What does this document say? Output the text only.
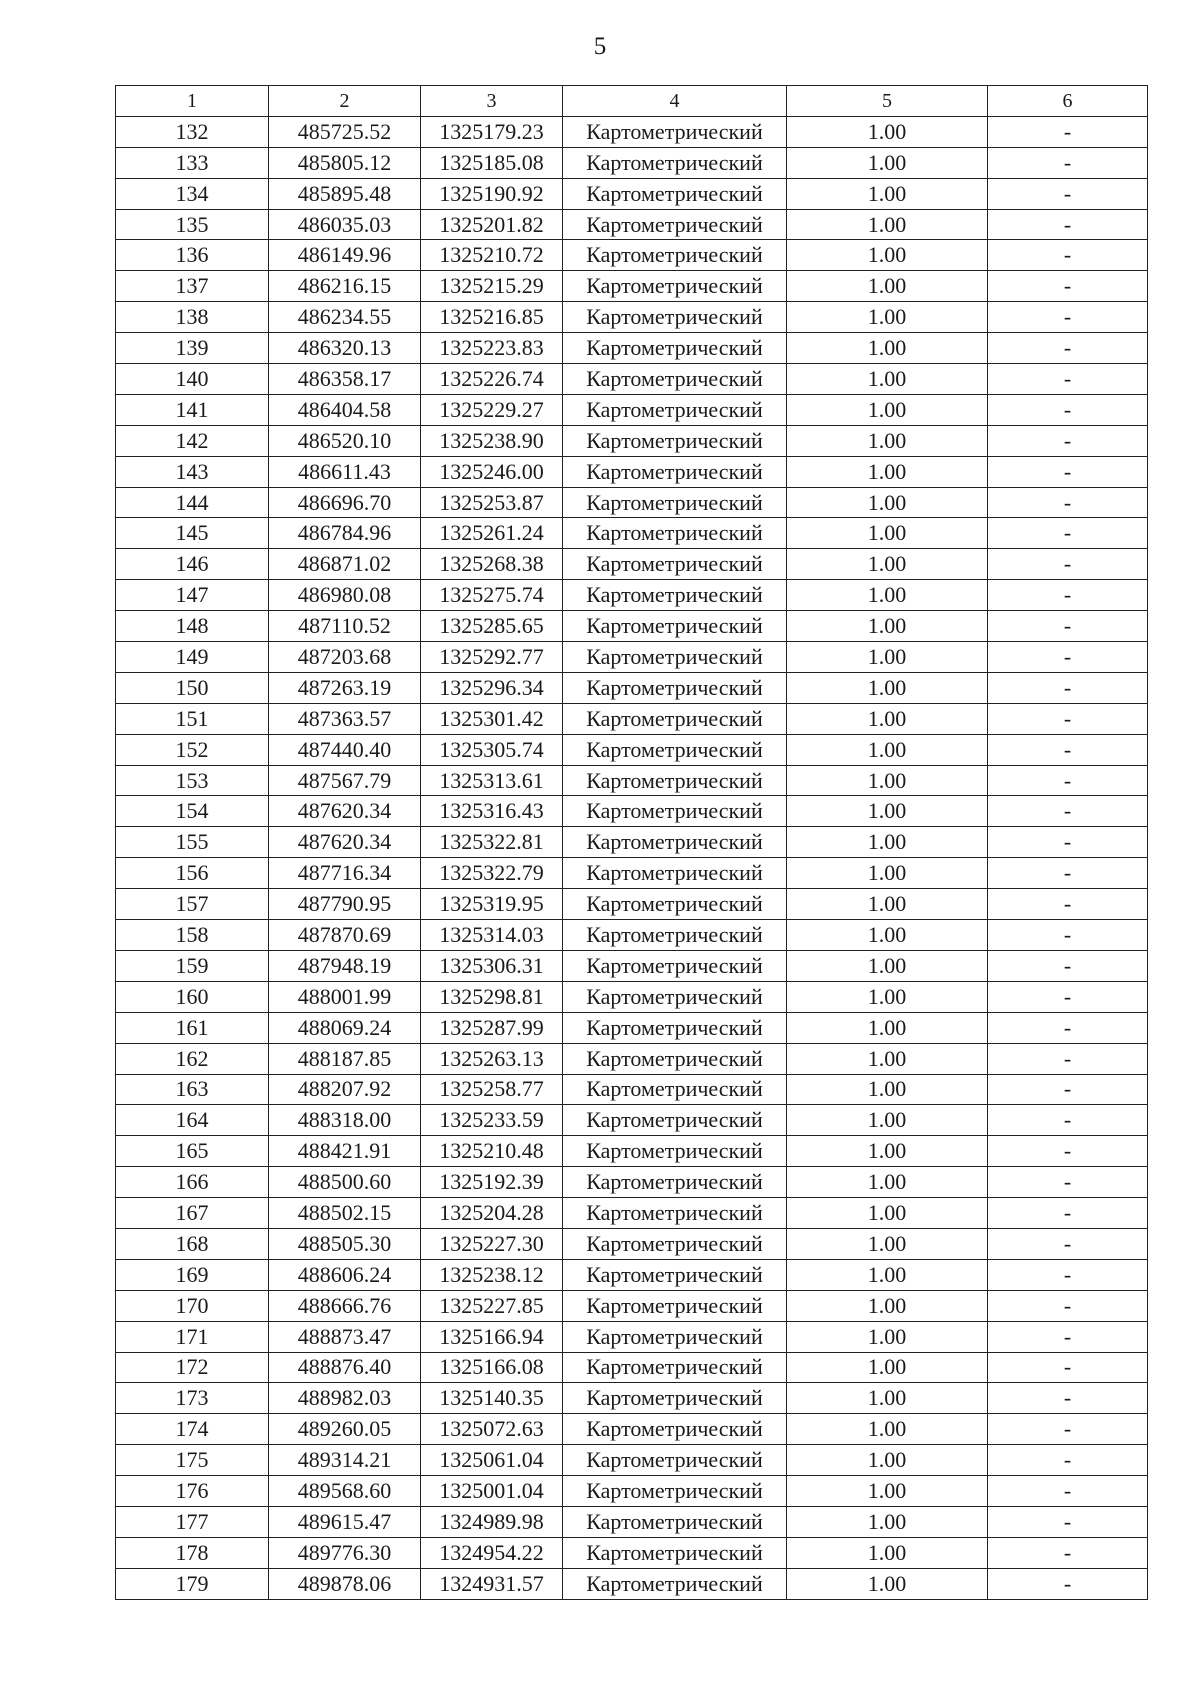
5
1	2	3	4	5	6
132	485725.52	1325179.23	Картометрический	1.00	-
133	485805.12	1325185.08	Картометрический	1.00	-
134	485895.48	1325190.92	Картометрический	1.00	-
135	486035.03	1325201.82	Картометрический	1.00	-
136	486149.96	1325210.72	Картометрический	1.00	-
137	486216.15	1325215.29	Картометрический	1.00	-
138	486234.55	1325216.85	Картометрический	1.00	-
139	486320.13	1325223.83	Картометрический	1.00	-
140	486358.17	1325226.74	Картометрический	1.00	-
141	486404.58	1325229.27	Картометрический	1.00	-
142	486520.10	1325238.90	Картометрический	1.00	-
143	486611.43	1325246.00	Картометрический	1.00	-
144	486696.70	1325253.87	Картометрический	1.00	-
145	486784.96	1325261.24	Картометрический	1.00	-
146	486871.02	1325268.38	Картометрический	1.00	-
147	486980.08	1325275.74	Картометрический	1.00	-
148	487110.52	1325285.65	Картометрический	1.00	-
149	487203.68	1325292.77	Картометрический	1.00	-
150	487263.19	1325296.34	Картометрический	1.00	-
151	487363.57	1325301.42	Картометрический	1.00	-
152	487440.40	1325305.74	Картометрический	1.00	-
153	487567.79	1325313.61	Картометрический	1.00	-
154	487620.34	1325316.43	Картометрический	1.00	-
155	487620.34	1325322.81	Картометрический	1.00	-
156	487716.34	1325322.79	Картометрический	1.00	-
157	487790.95	1325319.95	Картометрический	1.00	-
158	487870.69	1325314.03	Картометрический	1.00	-
159	487948.19	1325306.31	Картометрический	1.00	-
160	488001.99	1325298.81	Картометрический	1.00	-
161	488069.24	1325287.99	Картометрический	1.00	-
162	488187.85	1325263.13	Картометрический	1.00	-
163	488207.92	1325258.77	Картометрический	1.00	-
164	488318.00	1325233.59	Картометрический	1.00	-
165	488421.91	1325210.48	Картометрический	1.00	-
166	488500.60	1325192.39	Картометрический	1.00	-
167	488502.15	1325204.28	Картометрический	1.00	-
168	488505.30	1325227.30	Картометрический	1.00	-
169	488606.24	1325238.12	Картометрический	1.00	-
170	488666.76	1325227.85	Картометрический	1.00	-
171	488873.47	1325166.94	Картометрический	1.00	-
172	488876.40	1325166.08	Картометрический	1.00	-
173	488982.03	1325140.35	Картометрический	1.00	-
174	489260.05	1325072.63	Картометрический	1.00	-
175	489314.21	1325061.04	Картометрический	1.00	-
176	489568.60	1325001.04	Картометрический	1.00	-
177	489615.47	1324989.98	Картометрический	1.00	-
178	489776.30	1324954.22	Картометрический	1.00	-
179	489878.06	1324931.57	Картометрический	1.00	-
